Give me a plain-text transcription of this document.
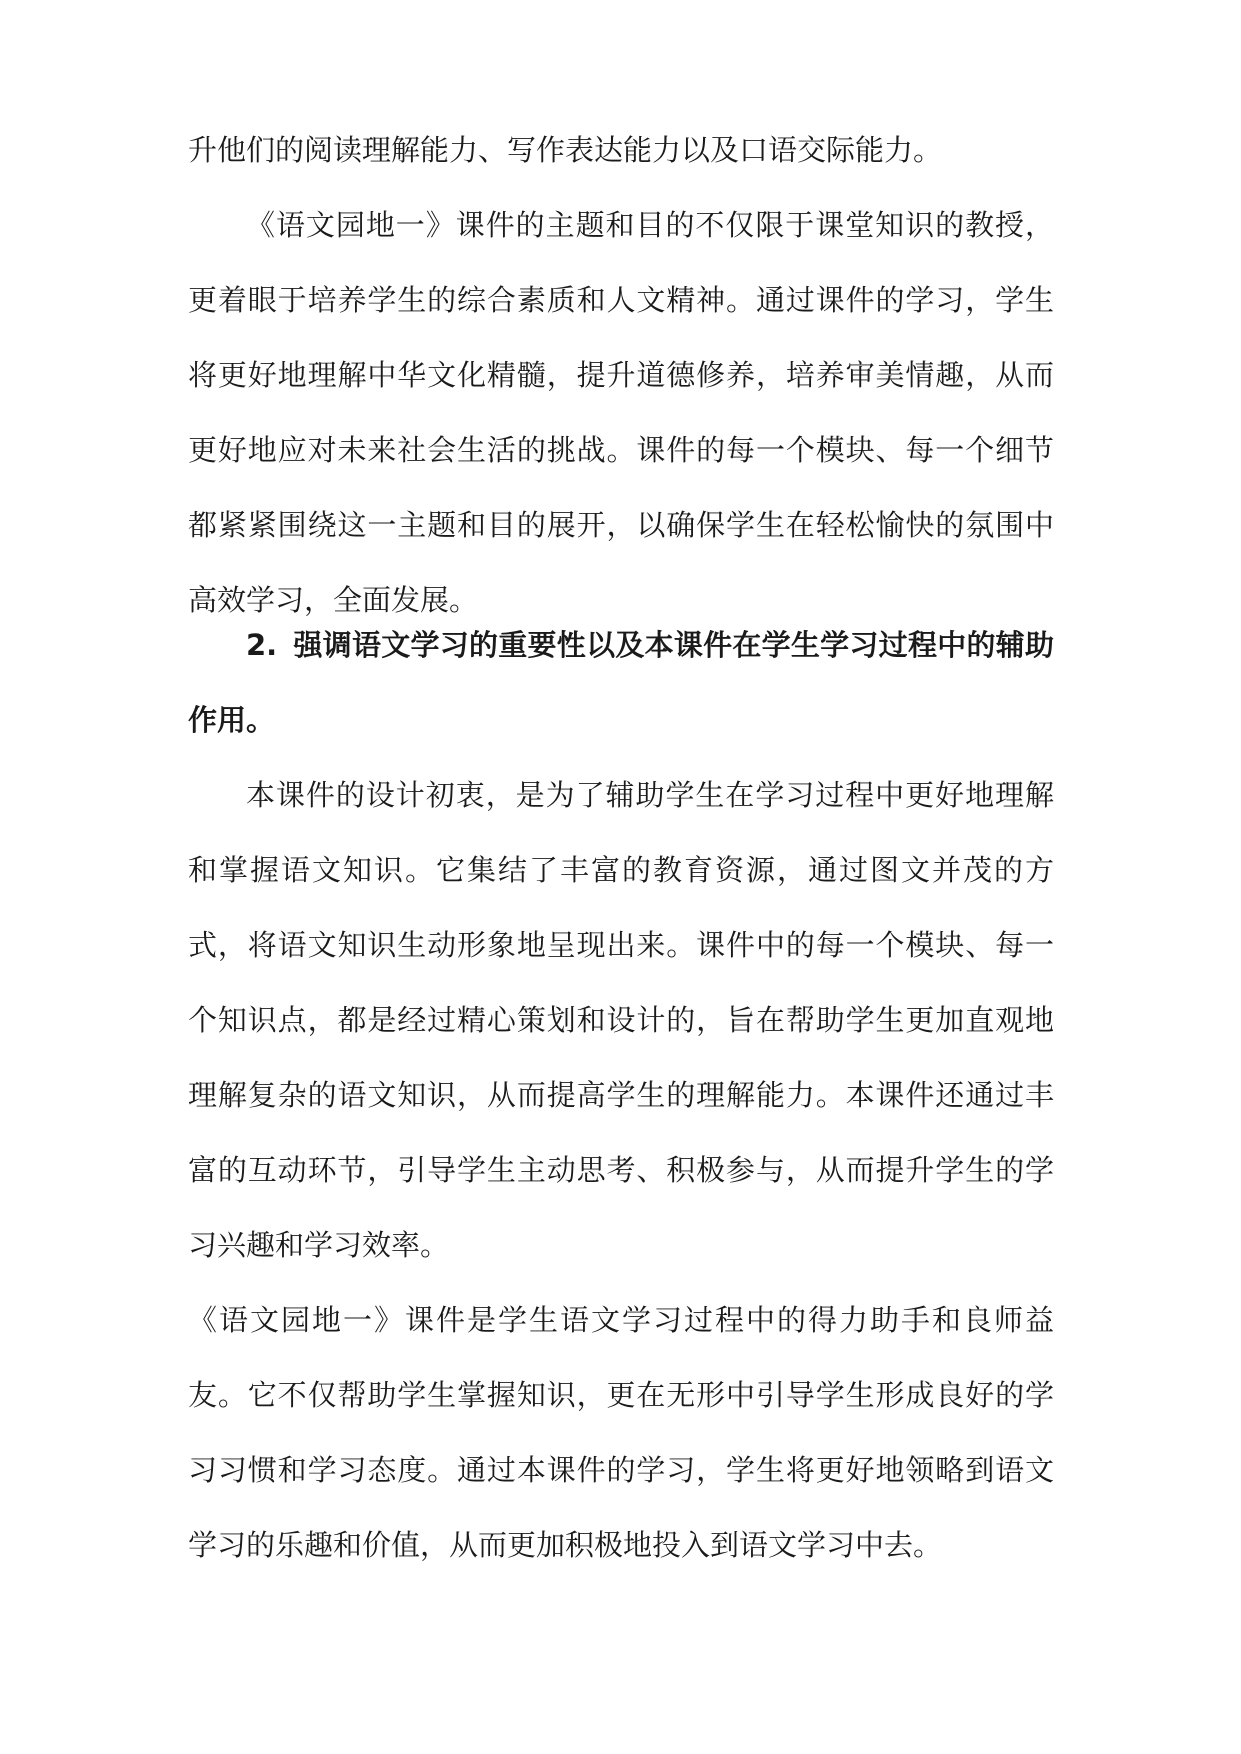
升他们的阅读理解能力、写作表达能力以及口语交际能力。

《语文园地一》课件的主题和目的不仅限于课堂知识的教授，更着眼于培养学生的综合素质和人文精神。通过课件的学习，学生将更好地理解中华文化精髓，提升道德修养，培养审美情趣，从而更好地应对未来社会生活的挑战。课件的每一个模块、每一个细节都紧紧围绕这一主题和目的展开，以确保学生在轻松愉快的氛围中高效学习，全面发展。

2. 强调语文学习的重要性以及本课件在学生学习过程中的辅助作用。

本课件的设计初衷，是为了辅助学生在学习过程中更好地理解和掌握语文知识。它集结了丰富的教育资源，通过图文并茂的方式，将语文知识生动形象地呈现出来。课件中的每一个模块、每一个知识点，都是经过精心策划和设计的，旨在帮助学生更加直观地理解复杂的语文知识，从而提高学生的理解能力。本课件还通过丰富的互动环节，引导学生主动思考、积极参与，从而提升学生的学习兴趣和学习效率。

《语文园地一》课件是学生语文学习过程中的得力助手和良师益友。它不仅帮助学生掌握知识，更在无形中引导学生形成良好的学习习惯和学习态度。通过本课件的学习，学生将更好地领略到语文学习的乐趣和价值，从而更加积极地投入到语文学习中去。
